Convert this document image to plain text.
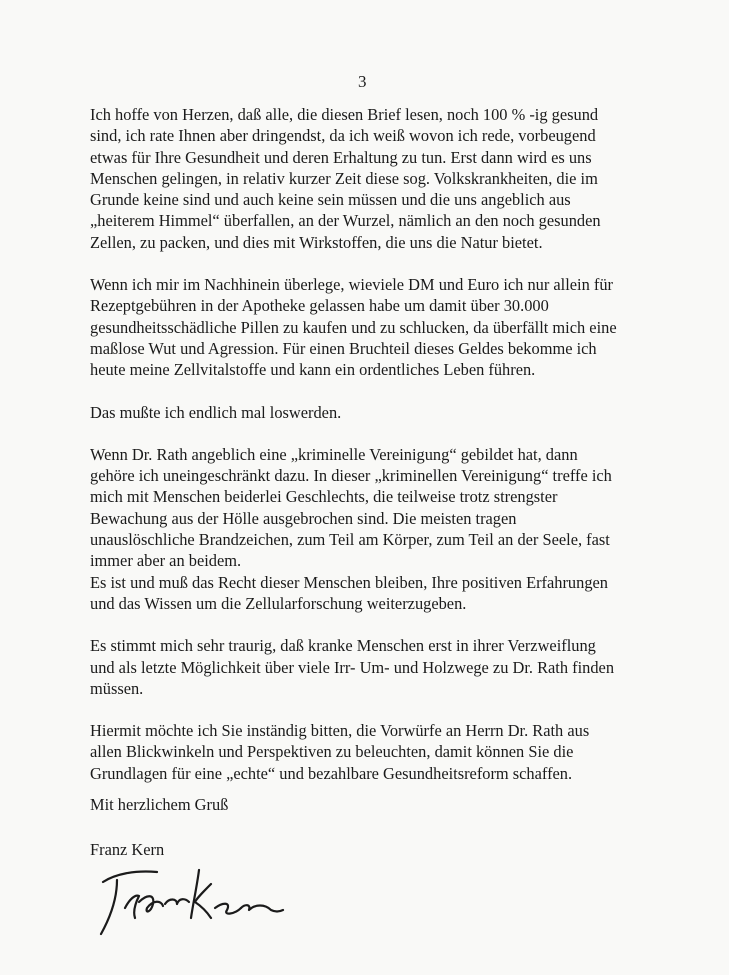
3
Ich hoffe von Herzen, daß alle, die diesen Brief lesen, noch 100 % -ig gesund
sind, ich rate Ihnen aber dringendst, da ich weiß wovon ich rede, vorbeugend
etwas für Ihre Gesundheit und deren Erhaltung zu tun. Erst dann wird es uns
Menschen gelingen, in relativ kurzer Zeit diese sog. Volkskrankheiten, die im
Grunde keine sind und auch keine sein müssen und die uns angeblich aus
„heiterem Himmel“ überfallen, an der Wurzel, nämlich an den noch gesunden
Zellen, zu packen, und dies mit Wirkstoffen, die uns die Natur bietet.
Wenn ich mir im Nachhinein überlege, wieviele DM und Euro ich nur allein für
Rezeptgebühren in der Apotheke gelassen habe um damit über 30.000
gesundheitsschädliche Pillen zu kaufen und zu schlucken, da überfällt mich eine
maßlose Wut und Agression. Für einen Bruchteil dieses Geldes bekomme ich
heute meine Zellvitalstoffe und kann ein ordentliches Leben führen.
Das mußte ich endlich mal loswerden.
Wenn Dr. Rath angeblich eine „kriminelle Vereinigung“ gebildet hat, dann
gehöre ich uneingeschränkt dazu. In dieser „kriminellen Vereinigung“ treffe ich
mich mit Menschen beiderlei Geschlechts, die teilweise trotz strengster
Bewachung aus der Hölle ausgebrochen sind. Die meisten tragen
unauslöschliche Brandzeichen, zum Teil am Körper, zum Teil an der Seele, fast
immer aber an beidem.
Es ist und muß das Recht dieser Menschen bleiben, Ihre positiven Erfahrungen
und das Wissen um die Zellularforschung weiterzugeben.
Es stimmt mich sehr traurig, daß kranke Menschen erst in ihrer Verzweiflung
und als letzte Möglichkeit über viele Irr- Um- und Holzwege zu Dr. Rath finden
müssen.
Hiermit möchte ich Sie inständig bitten, die Vorwürfe an Herrn Dr. Rath aus
allen Blickwinkeln und Perspektiven zu beleuchten, damit können Sie die
Grundlagen für eine „echte“ und bezahlbare Gesundheitsreform schaffen.
Mit herzlichem Gruß
Franz Kern
